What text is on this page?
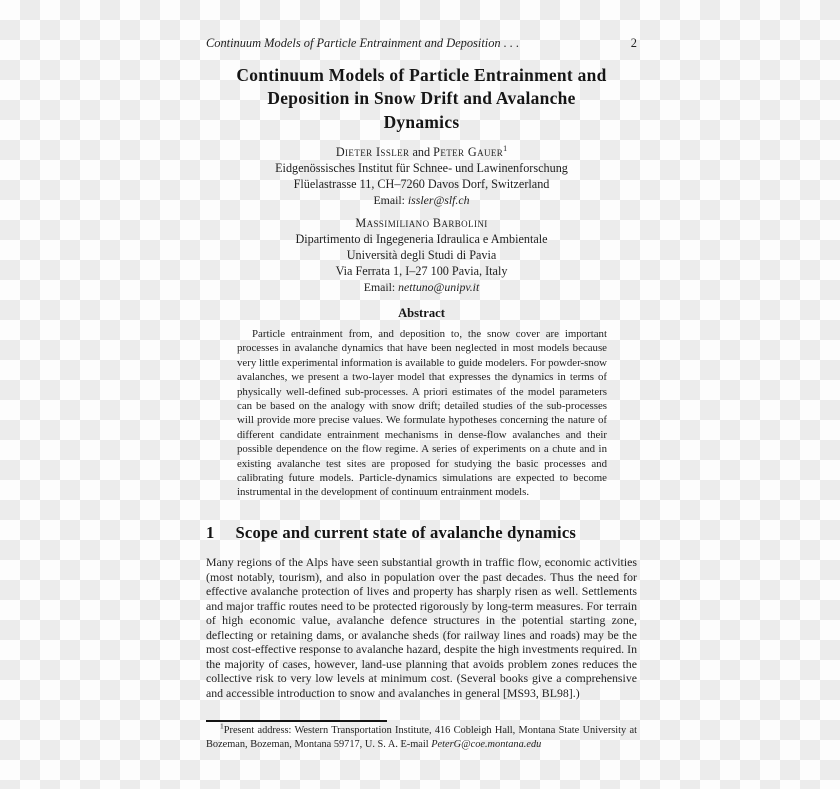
Continuum Models of Particle Entrainment and Deposition . . .	2
Continuum Models of Particle Entrainment and
Deposition in Snow Drift and Avalanche
Dynamics
Dieter Issler and Peter Gauer$^1$
Eidgenössisches Institut für Schnee- und Lawinenforschung
Flüelastrasse 11, CH–7260 Davos Dorf, Switzerland
Email: issler@slf.ch
Massimiliano Barbolini
Dipartimento di Ingegeneria Idraulica e Ambientale
Università degli Studi di Pavia
Via Ferrata 1, I–27 100 Pavia, Italy
Email: nettuno@unipv.it
Abstract

Particle entrainment from, and deposition to, the snow cover are important processes in avalanche dynamics that have been neglected in most models because very little experimental information is available to guide modelers. For powder-snow avalanches, we present a two-layer model that expresses the dynamics in terms of physically well-defined sub-processes. A priori estimates of the model parameters can be based on the analogy with snow drift; detailed studies of the sub-processes will provide more precise values. We formulate hypotheses concerning the nature of different candidate entrainment mechanisms in dense-flow avalanches and their possible dependence on the flow regime. A series of experiments on a chute and in existing avalanche test sites are proposed for studying the basic processes and calibrating future models. Particle-dynamics simulations are expected to become instrumental in the development of continuum entrainment models.

1 Scope and current state of avalanche dynamics

Many regions of the Alps have seen substantial growth in traffic flow, economic activities (most notably, tourism), and also in population over the past decades. Thus the need for effective avalanche protection of lives and property has sharply risen as well. Settlements and major traffic routes need to be protected rigorously by long-term measures. For terrain of high economic value, avalanche defence structures in the potential starting zone, deflecting or retaining dams, or avalanche sheds (for railway lines and roads) may be the most cost-effective response to avalanche hazard, despite the high investments required. In the majority of cases, however, land-use planning that avoids problem zones reduces the collective risk to very low levels at minimum cost. (Several books give a comprehensive and accessible introduction to snow and avalanches in general [MS93, BL98].)

$^1$Present address: Western Transportation Institute, 416 Cobleigh Hall, Montana State University at Bozeman, Bozeman, Montana 59717, U. S. A. E-mail PeterG@coe.montana.edu
